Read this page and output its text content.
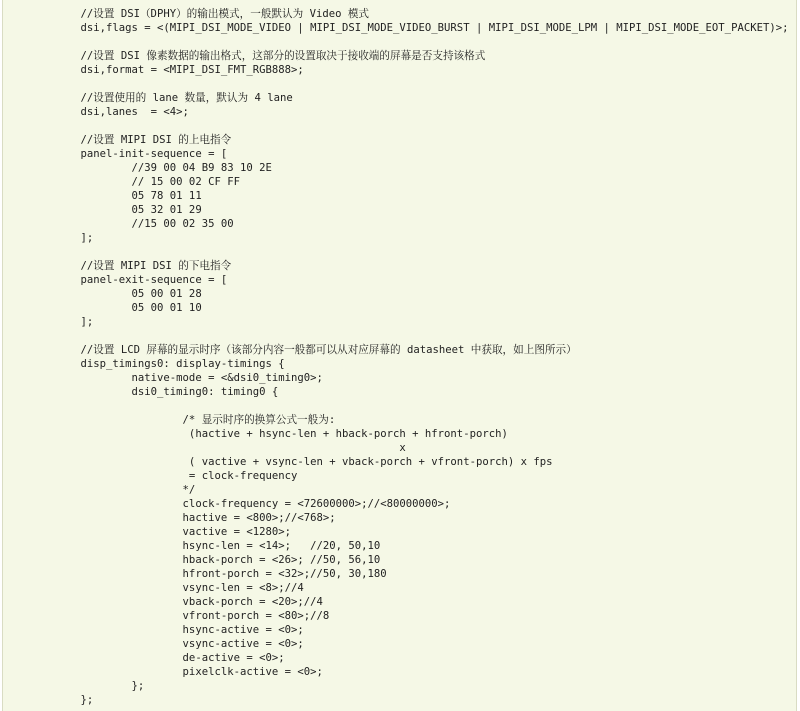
//设置 DSI（DPHY）的输出模式，一般默认为 Video 模式
dsi,flags = <(MIPI_DSI_MODE_VIDEO | MIPI_DSI_MODE_VIDEO_BURST | MIPI_DSI_MODE_LPM | MIPI_DSI_MODE_EOT_PACKET)>;
//设置 DSI 像素数据的输出格式，这部分的设置取决于接收端的屏幕是否支持该格式
dsi,format = <MIPI_DSI_FMT_RGB888>;
//设置使用的 lane 数量，默认为 4 lane
dsi,lanes  = <4>;
//设置 MIPI DSI 的上电指令
panel-init-sequence = [
//39 00 04 B9 83 10 2E
// 15 00 02 CF FF
05 78 01 11
05 32 01 29
//15 00 02 35 00
];
//设置 MIPI DSI 的下电指令
panel-exit-sequence = [
05 00 01 28
05 00 01 10
];
//设置 LCD 屏幕的显示时序（该部分内容一般都可以从对应屏幕的 datasheet 中获取，如上图所示）
disp_timings0: display-timings {
native-mode = <&dsi0_timing0>;
dsi0_timing0: timing0 {
/* 显示时序的换算公式一般为:
(hactive + hsync-len + hback-porch + hfront-porch)
x
( vactive + vsync-len + vback-porch + vfront-porch) x fps
= clock-frequency
*/
clock-frequency = <72600000>;//<80000000>;
hactive = <800>;//<768>;
vactive = <1280>;
hsync-len = <14>;   //20, 50,10
hback-porch = <26>; //50, 56,10
hfront-porch = <32>;//50, 30,180
vsync-len = <8>;//4
vback-porch = <20>;//4
vfront-porch = <80>;//8
hsync-active = <0>;
vsync-active = <0>;
de-active = <0>;
pixelclk-active = <0>;
};
};
